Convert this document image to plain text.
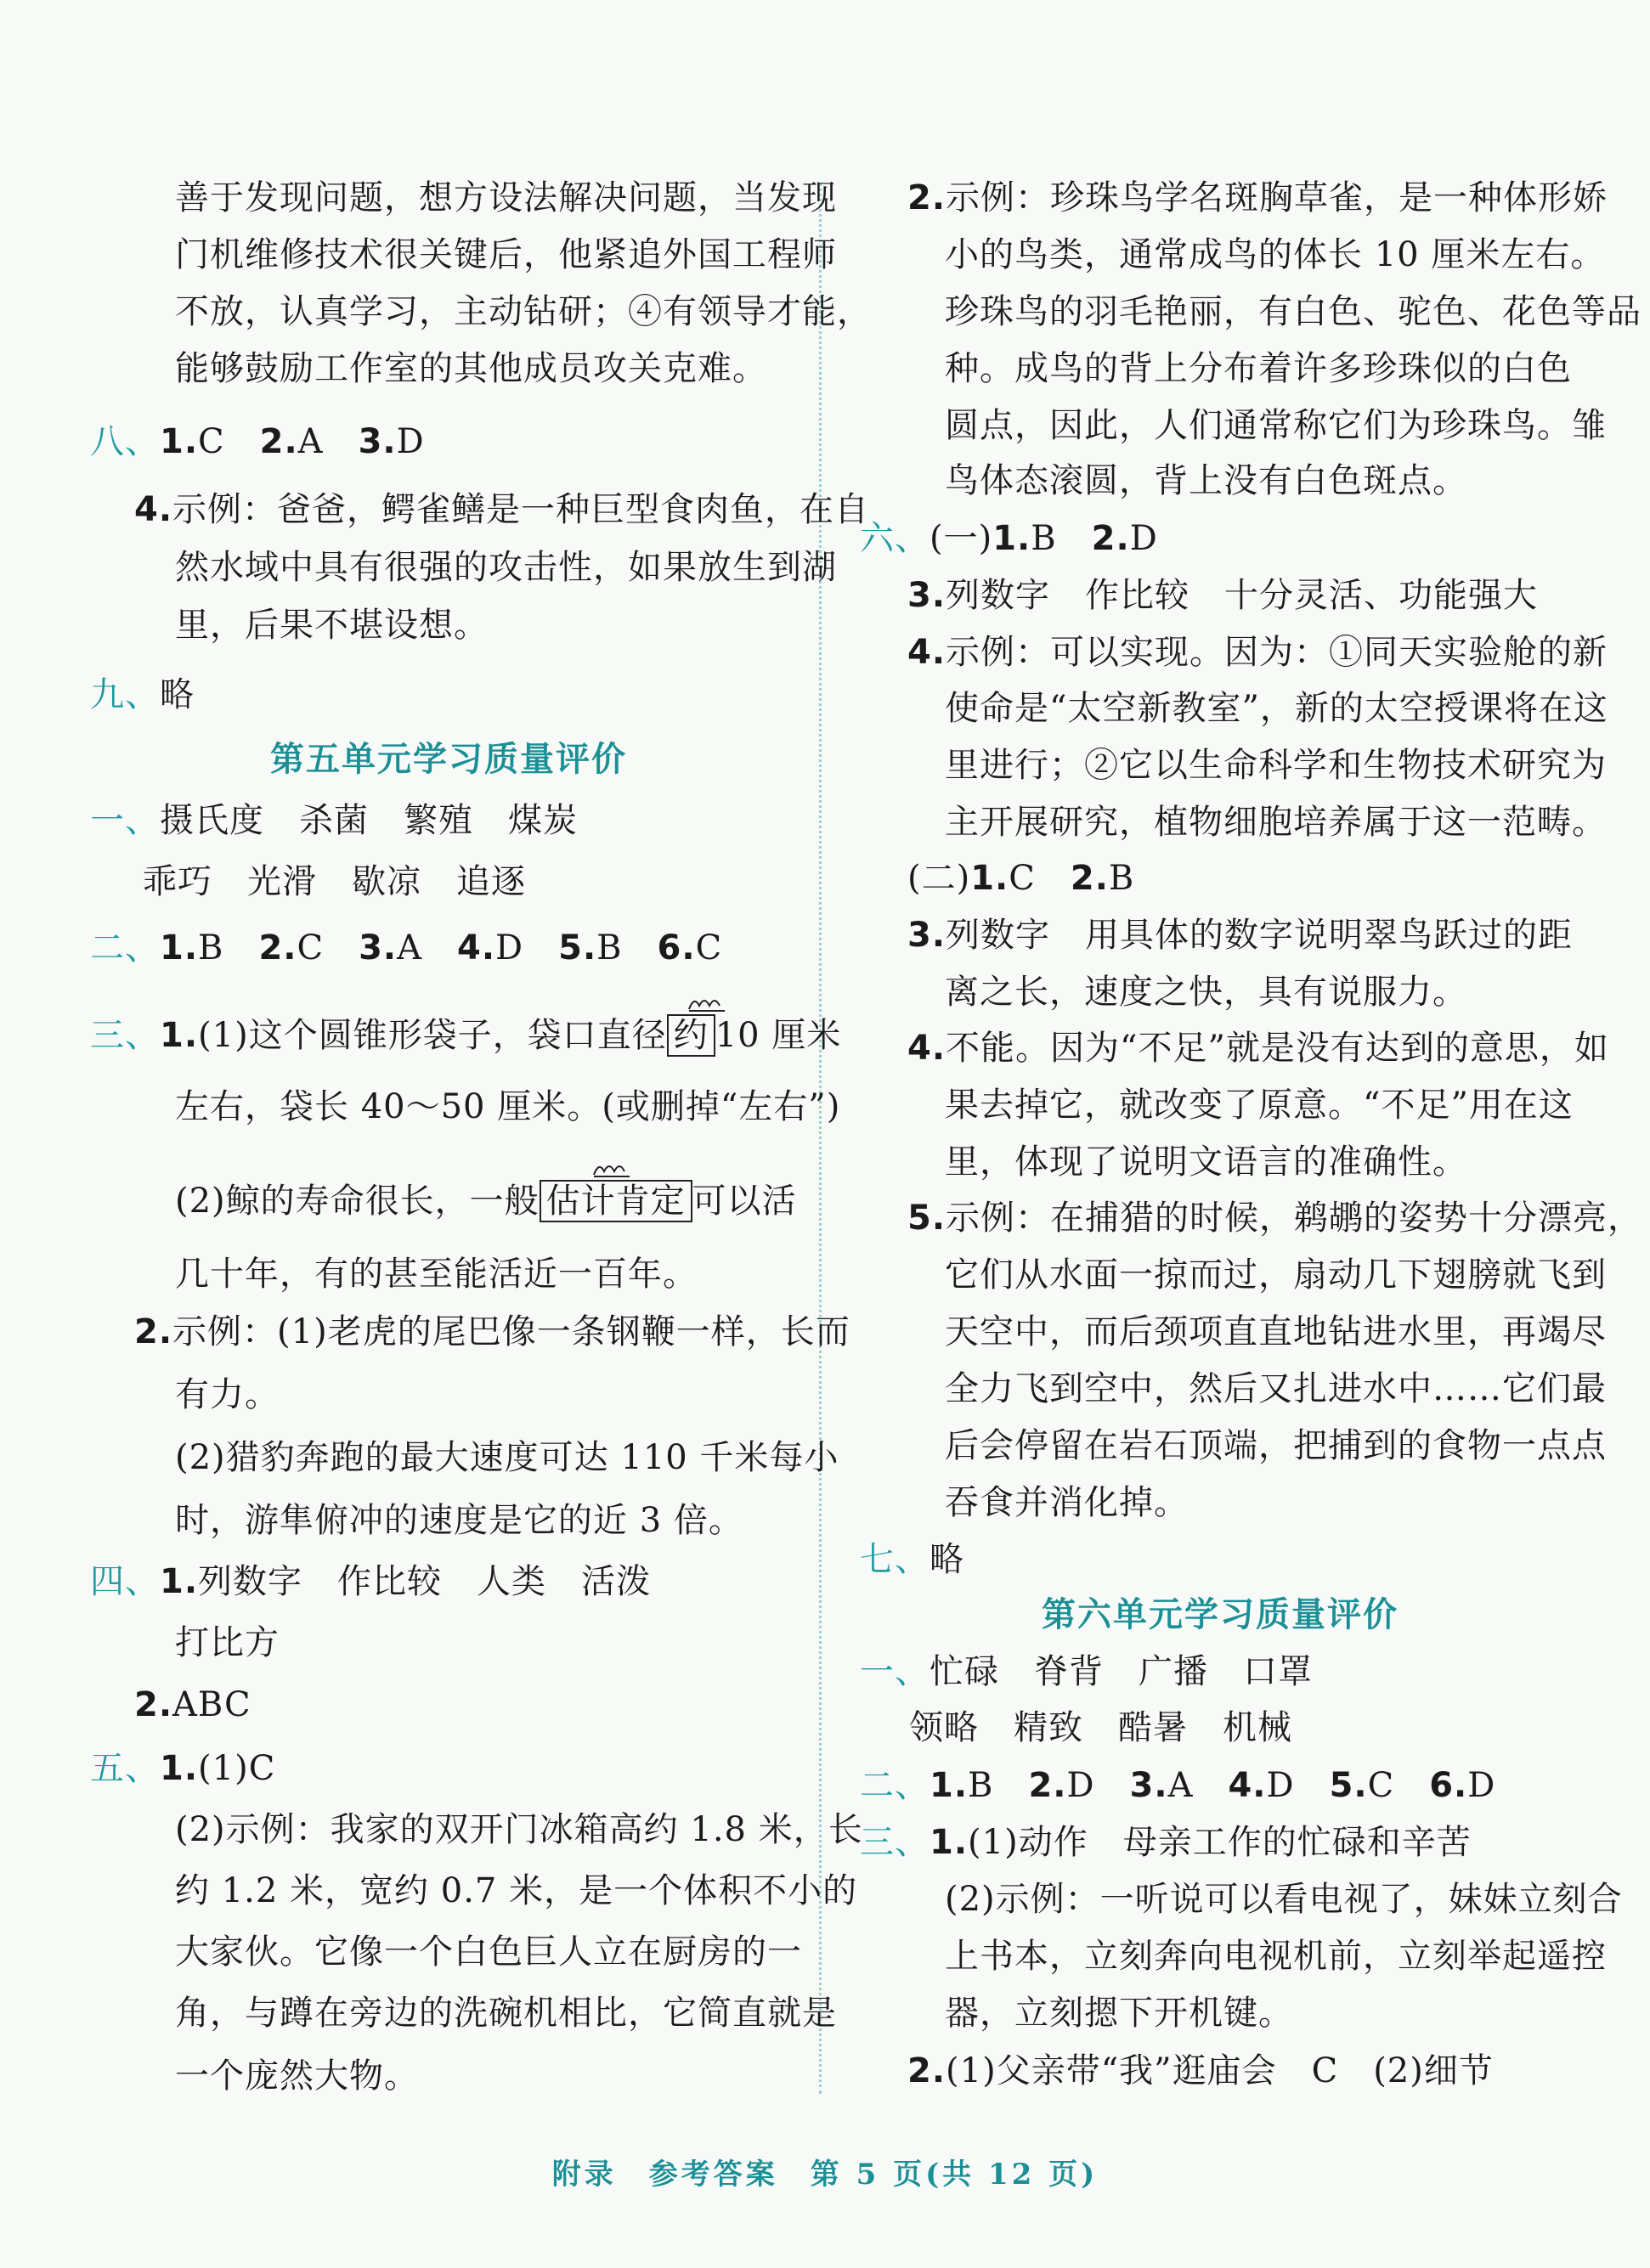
善于发现问题，想方设法解决问题，当发现
门机维修技术很关键后，他紧追外国工程师
不放，认真学习，主动钻研；④有领导才能，
能够鼓励工作室的其他成员攻关克难。
八、1.C　 2.A　 3.D
4.示例：爸爸，鳄雀鳝是一种巨型食肉鱼，在自
然水域中具有很强的攻击性，如果放生到湖
里，后果不堪设想。
九、略
第五单元学习质量评价
一、摄氏度　杀菌　繁殖　煤炭
乖巧　光滑　歇凉　追逐
二、1.B　 2.C　 3.A　 4.D　 5.B　 6.C
三、1.(1)这个圆锥形袋子，袋口直径 约 10 厘米
左右，袋长 40～50 厘米。(或删掉“左右”)
(2)鲸的寿命很长，一般 估计肯定 可以活
几十年，有的甚至能活近一百年。
2.示例：(1)老虎的尾巴像一条钢鞭一样，长而
有力。
(2)猎豹奔跑的最大速度可达 110 千米每小
时，游隼俯冲的速度是它的近 3 倍。
四、1.列数字　作比较　人类　活泼
打比方
2.ABC
五、1.(1)C
(2)示例：我家的双开门冰箱高约 1.8 米，长
约 1.2 米，宽约 0.7 米，是一个体积不小的
大家伙。它像一个白色巨人立在厨房的一
角，与蹲在旁边的洗碗机相比，它简直就是
一个庞然大物。
2.示例：珍珠鸟学名斑胸草雀，是一种体形娇
小的鸟类，通常成鸟的体长 10 厘米左右。
珍珠鸟的羽毛艳丽，有白色、驼色、花色等品
种。成鸟的背上分布着许多珍珠似的白色
圆点，因此，人们通常称它们为珍珠鸟。雏
鸟体态滚圆，背上没有白色斑点。
六、(一)1.B　 2.D
3.列数字　作比较　十分灵活、功能强大
4.示例：可以实现。因为：①同天实验舱的新
使命是“太空新教室”，新的太空授课将在这
里进行；②它以生命科学和生物技术研究为
主开展研究，植物细胞培养属于这一范畴。
(二)1.C　 2.B
3.列数字　用具体的数字说明翠鸟跃过的距
离之长，速度之快，具有说服力。
4.不能。因为“不足”就是没有达到的意思，如
果去掉它，就改变了原意。“不足”用在这
里，体现了说明文语言的准确性。
5.示例：在捕猎的时候，鹈鹕的姿势十分漂亮，
它们从水面一掠而过，扇动几下翅膀就飞到
天空中，而后颈项直直地钻进水里，再竭尽
全力飞到空中，然后又扎进水中……它们最
后会停留在岩石顶端，把捕到的食物一点点
吞食并消化掉。
七、略
第六单元学习质量评价
一、忙碌　脊背　广播　口罩
领略　精致　酷暑　机械
二、1.B　 2.D　 3.A　 4.D　 5.C　 6.D
三、1.(1)动作　母亲工作的忙碌和辛苦
(2)示例：一听说可以看电视了，妹妹立刻合
上书本，立刻奔向电视机前，立刻举起遥控
器，立刻摁下开机键。
2.(1)父亲带“我”逛庙会　C　(2)细节
附录　参考答案　第 5 页(共 12 页)
